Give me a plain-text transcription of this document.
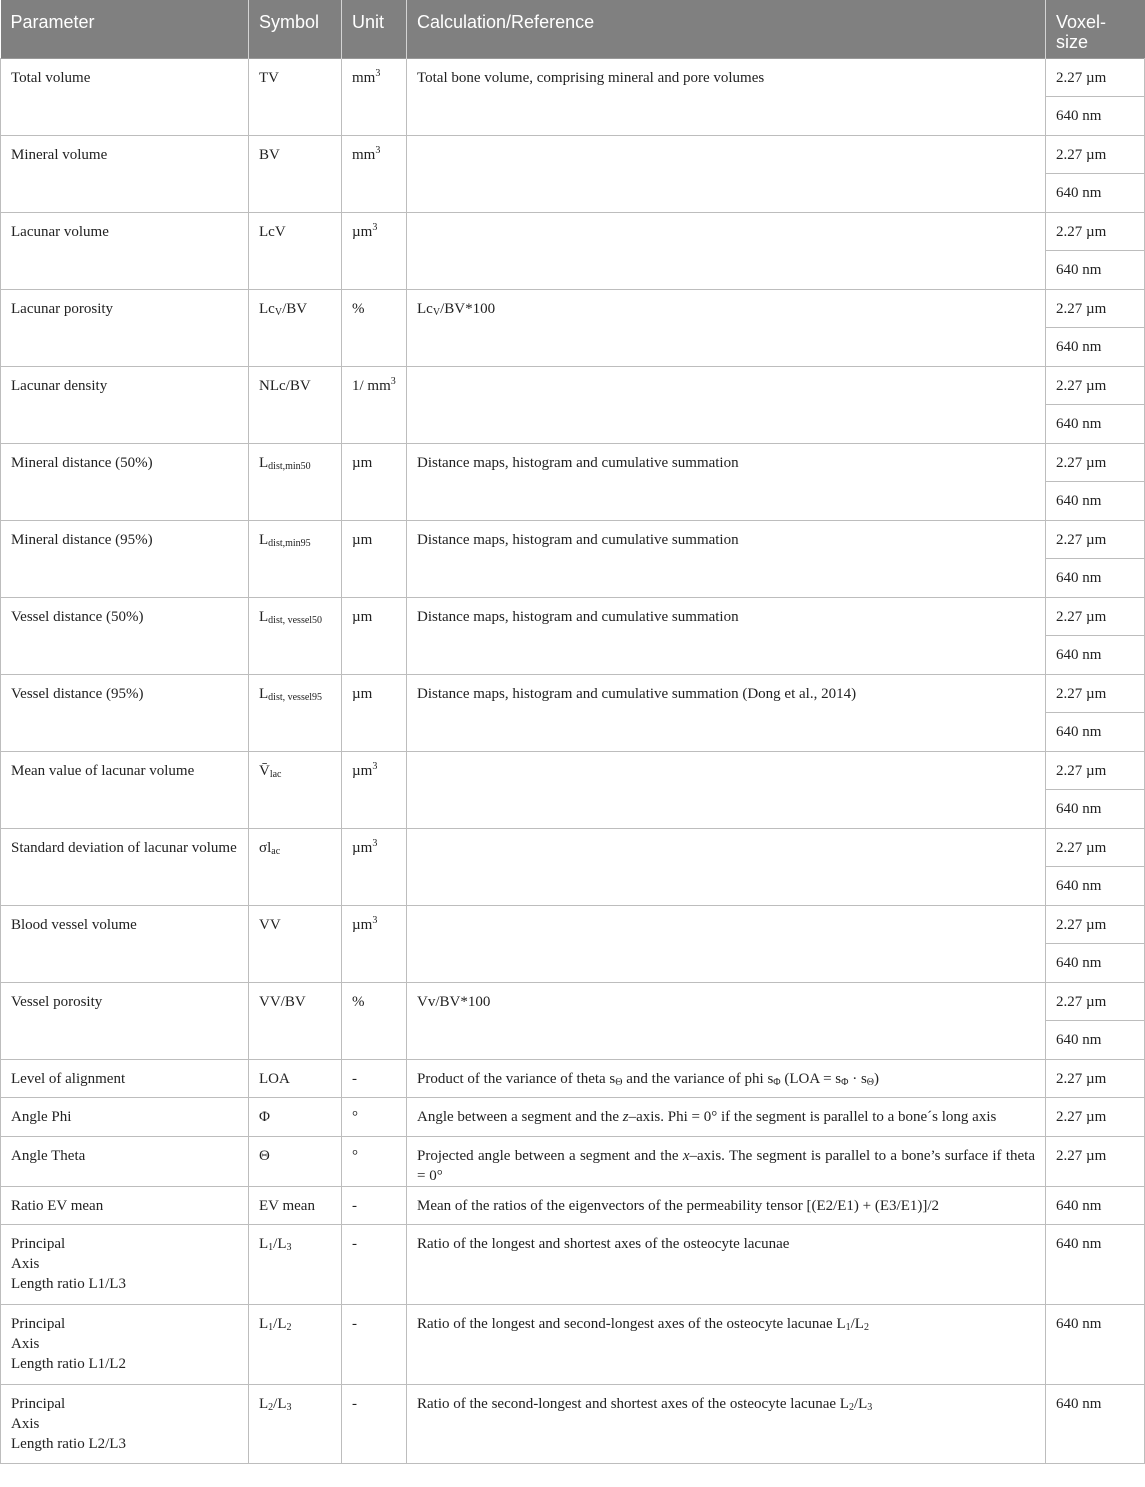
Parameter	Symbol	Unit	Calculation/Reference	Voxel-size
Total volume	TV	$mm^3$	Total bone volume, comprising mineral and pore volumes	2.27 µm
				640 nm
Mineral volume	BV	$mm^3$		2.27 µm
				640 nm
Lacunar volume	LcV	µm$^3$		2.27 µm
				640 nm
Lacunar porosity	$Lc_V/BV$	%	$Lc_V/BV*100$	2.27 µm
				640 nm
Lacunar density	NLc/BV	1/ $mm^3$		2.27 µm
				640 nm
Mineral distance (50%)	$L_{dist,min50}$	µm	Distance maps, histogram and cumulative summation	2.27 µm
				640 nm
Mineral distance (95%)	$L_{dist,min95}$	µm	Distance maps, histogram and cumulative summation	2.27 µm
				640 nm
Vessel distance (50%)	$L_{dist, vessel50}$	µm	Distance maps, histogram and cumulative summation	2.27 µm
				640 nm
Vessel distance (95%)	$L_{dist, vessel95}$	µm	Distance maps, histogram and cumulative summation (Dong et al., 2014)	2.27 µm
				640 nm
Mean value of lacunar volume	$V̄_{lac}$	µm$^3$		2.27 µm
				640 nm
Standard deviation of lacunar volume	$\sigma l_{ac}$	µm$^3$		2.27 µm
				640 nm
Blood vessel volume	VV	µm$^3$		2.27 µm
				640 nm
Vessel porosity	VV/BV	%	Vv/BV*100	2.27 µm
				640 nm
Level of alignment	LOA	-	Product of the variance of theta $s_\Theta$ and the variance of phi $s_\Phi$ $(LOA = s_\Phi \cdot s_\Theta)$	2.27 µm
Angle Phi	Φ	°	Angle between a segment and the z–axis. Phi = 0° if the segment is parallel to a bone´s long axis	2.27 µm
Angle Theta	Θ	°	Projected angle between a segment and the x–axis. The segment is parallel to a bone’s surface if theta = 0°	2.27 µm
Ratio EV mean	EV mean	-	Mean of the ratios of the eigenvectors of the permeability tensor [(E2/E1) + (E3/E1)]/2	640 nm

Principal
Axis
Length ratio L1/L3	$L_1/L_3$	-	Ratio of the longest and shortest axes of the osteocyte lacunae	640 nm

Principal
Axis
Length ratio L1/L2	$L_1/L_2$	-	Ratio of the longest and second-longest axes of the osteocyte lacunae $L_1/L_2$	640 nm

Principal
Axis
Length ratio L2/L3	$L_2/L_3$	-	Ratio of the second-longest and shortest axes of the osteocyte lacunae $L_2/L_3$	640 nm
